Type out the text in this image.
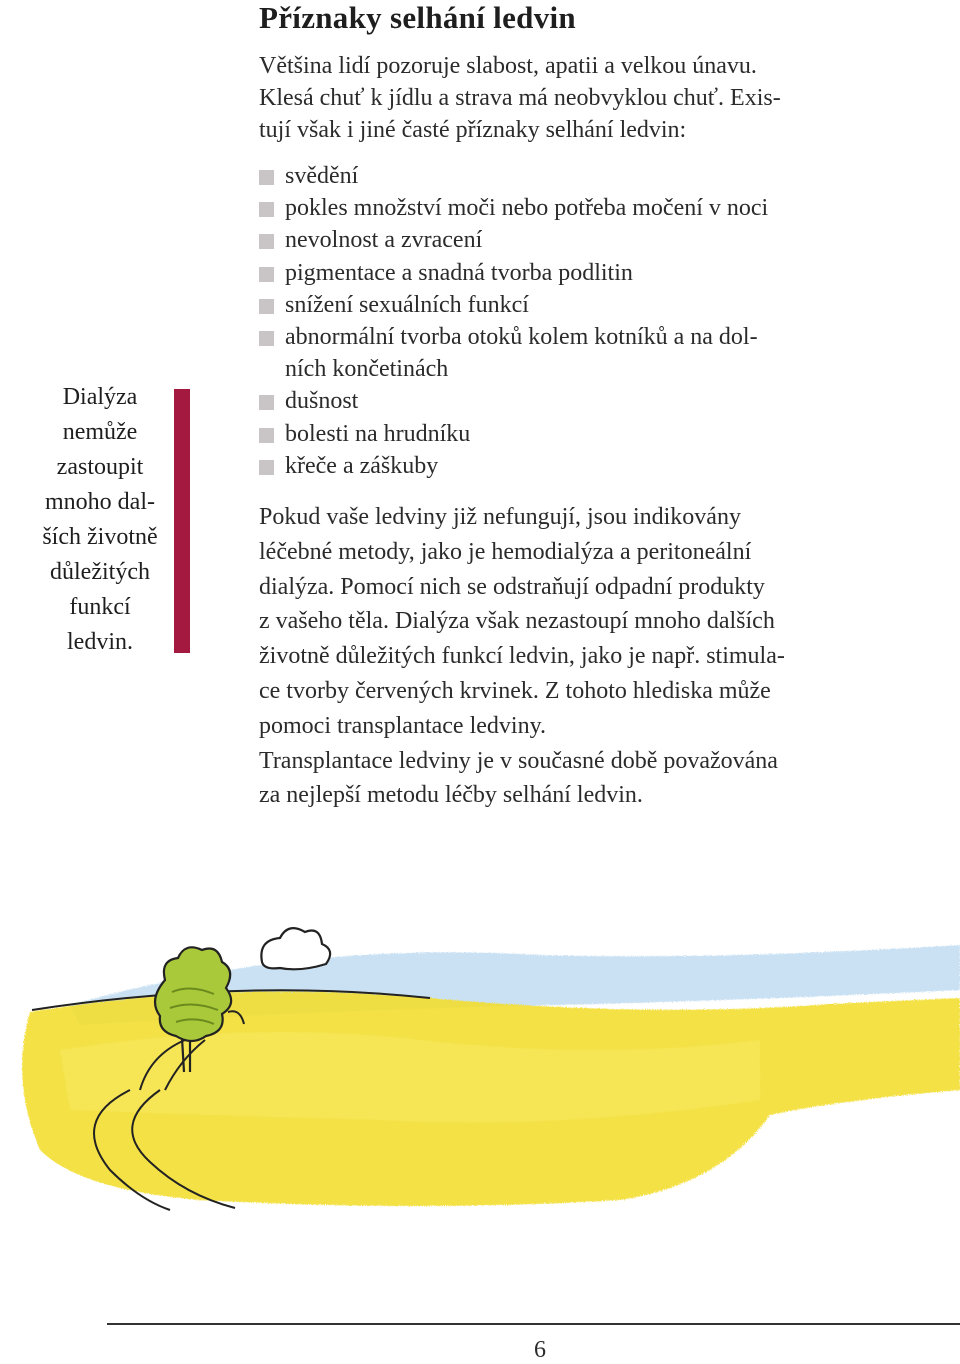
Příznaky selhání ledvin
Většina lidí pozoruje slabost, apatii a velkou únavu.
Klesá chuť k jídlu a strava má neobvyklou chuť. Exis-
tují však i jiné časté příznaky selhání ledvin:
svědění
pokles množství moči nebo potřeba močení v noci
nevolnost a zvracení
pigmentace a snadná tvorba podlitin
snížení sexuálních funkcí
abnormální tvorba otoků kolem kotníků a na dol-
ních končetinách
dušnost
bolesti na hrudníku
křeče a záškuby

Pokud vaše ledviny již nefungují, jsou indikovány

léčebné metody, jako je hemodialýza a peritoneální

dialýza. Pomocí nich se odstraňují odpadní produkty

z vašeho těla. Dialýza však nezastoupí mnoho dalších

životně důležitých funkcí ledvin, jako je např. stimula-

ce tvorby červených krvinek. Z tohoto hlediska může

pomoci transplantace ledviny.

Transplantace ledviny je v současné době považována

za nejlepší metodu léčby selhání ledvin.

Dialýza
nemůže
zastoupit
mnoho dal-
ších životně
důležitých
funkcí
ledvin.
6
